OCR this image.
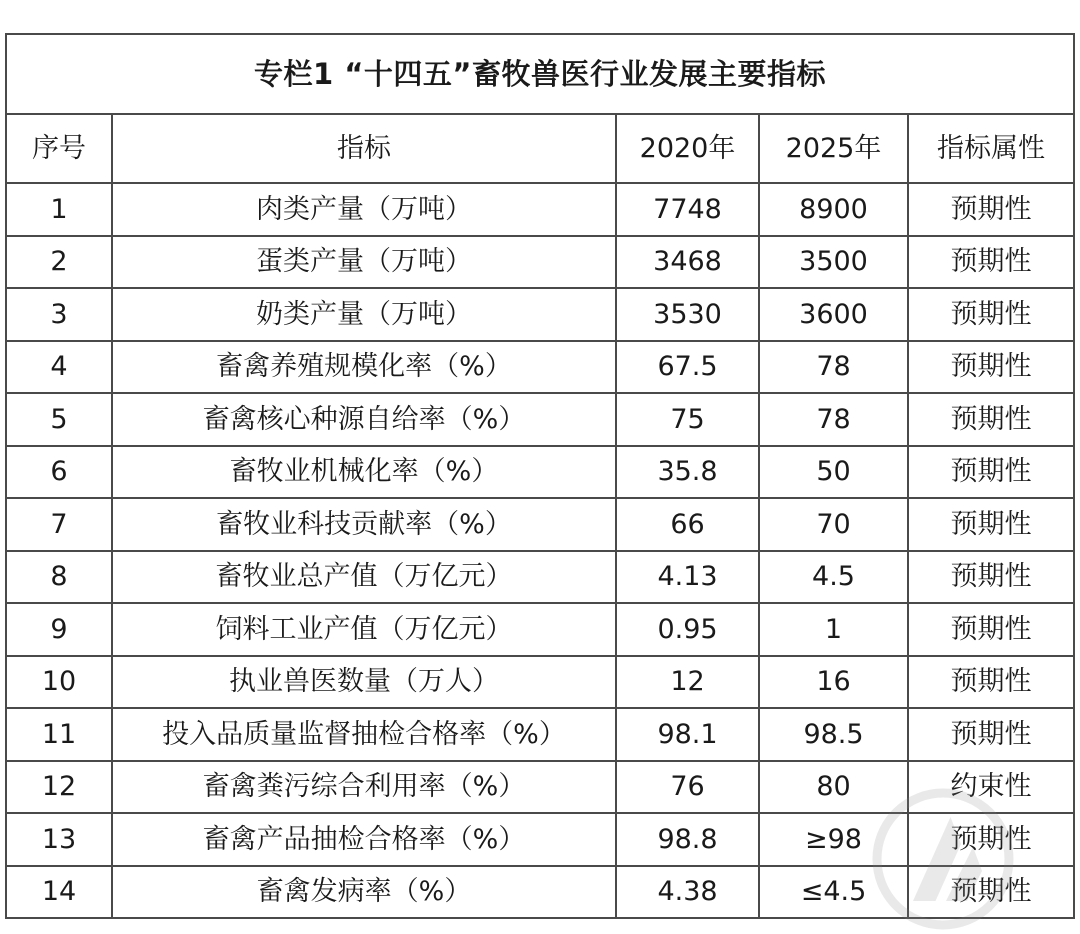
专栏1 “十四五”畜牧兽医行业发展主要指标				
序号	指标	2020年	2025年	指标属性
1	肉类产量（万吨）	7748	8900	预期性
2	蛋类产量（万吨）	3468	3500	预期性
3	奶类产量（万吨）	3530	3600	预期性
4	畜禽养殖规模化率（%）	67.5	78	预期性
5	畜禽核心种源自给率（%）	75	78	预期性
6	畜牧业机械化率（%）	35.8	50	预期性
7	畜牧业科技贡献率（%）	66	70	预期性
8	畜牧业总产值（万亿元）	4.13	4.5	预期性
9	饲料工业产值（万亿元）	0.95	1	预期性
10	执业兽医数量（万人）	12	16	预期性
11	投入品质量监督抽检合格率（%）	98.1	98.5	预期性
12	畜禽粪污综合利用率（%）	76	80	约束性
13	畜禽产品抽检合格率（%）	98.8	≥98	预期性
14	畜禽发病率（%）	4.38	≤4.5	预期性
